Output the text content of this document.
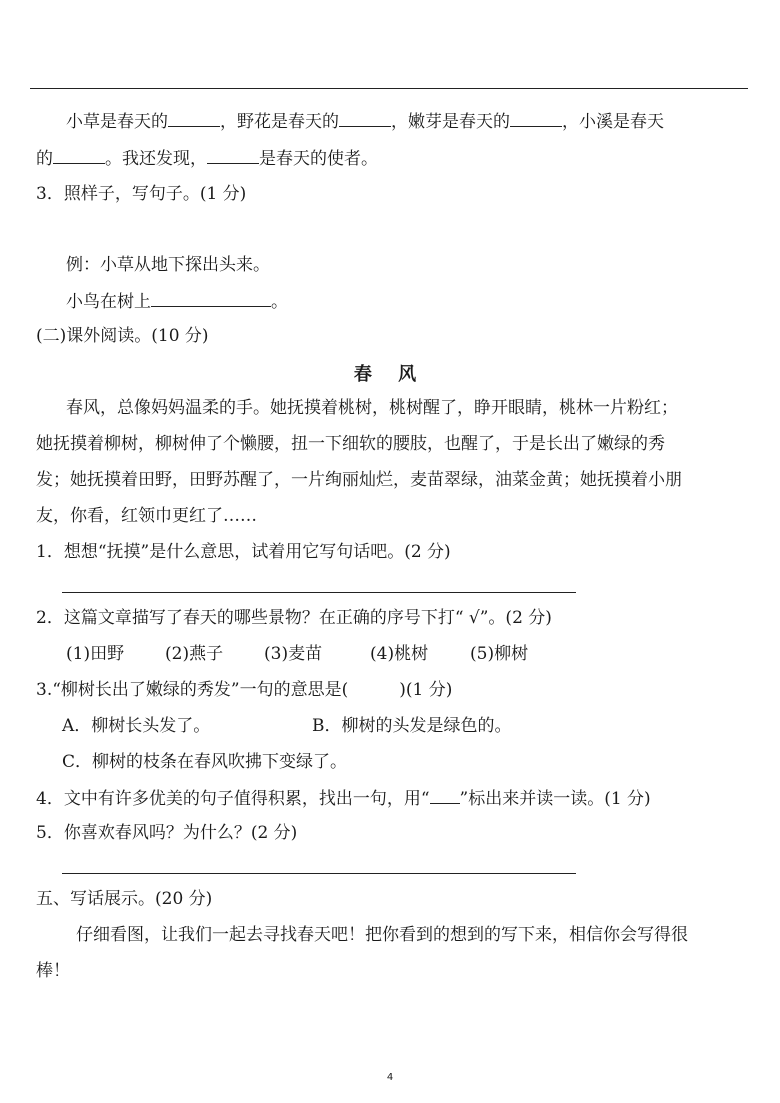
小草是春天的	，野花是春天的	，嫩芽是春天的	，小溪是春天
的	。我还发现，	是春天的使者。
3．照样子，写句子。(1 分)
例：小草从地下探出头来。
小鸟在树上	。
(二)课外阅读。(10 分)
春 风
春风，总像妈妈温柔的手。她抚摸着桃树，桃树醒了，睁开眼睛，桃林一片粉红；
她抚摸着柳树，柳树伸了个懒腰，扭一下细软的腰肢，也醒了，于是长出了嫩绿的秀
发；她抚摸着田野，田野苏醒了，一片绚丽灿烂，麦苗翠绿，油菜金黄；她抚摸着小朋
友，你看，红领巾更红了……
1．想想“抚摸”是什么意思，试着用它写句话吧。(2 分)
2．这篇文章描写了春天的哪些景物？在正确的序号下打“ √”。(2 分)
(1)田野 (2)燕子 (3)麦苗	(4)桃树 (5)柳树
3.“柳树长出了嫩绿的秀发”一句的意思是(　　　)(1 分)
A．柳树长头发了。	B．柳树的头发是绿色的。
C．柳树的枝条在春风吹拂下变绿了。
4．文中有许多优美的句子值得积累，找出一句，用“ ”标出来并读一读。(1 分)
5．你喜欢春风吗？为什么？(2 分)
五、写话展示。(20 分)
仔细看图，让我们一起去寻找春天吧！把你看到的想到的写下来，相信你会写得很
棒！
4
